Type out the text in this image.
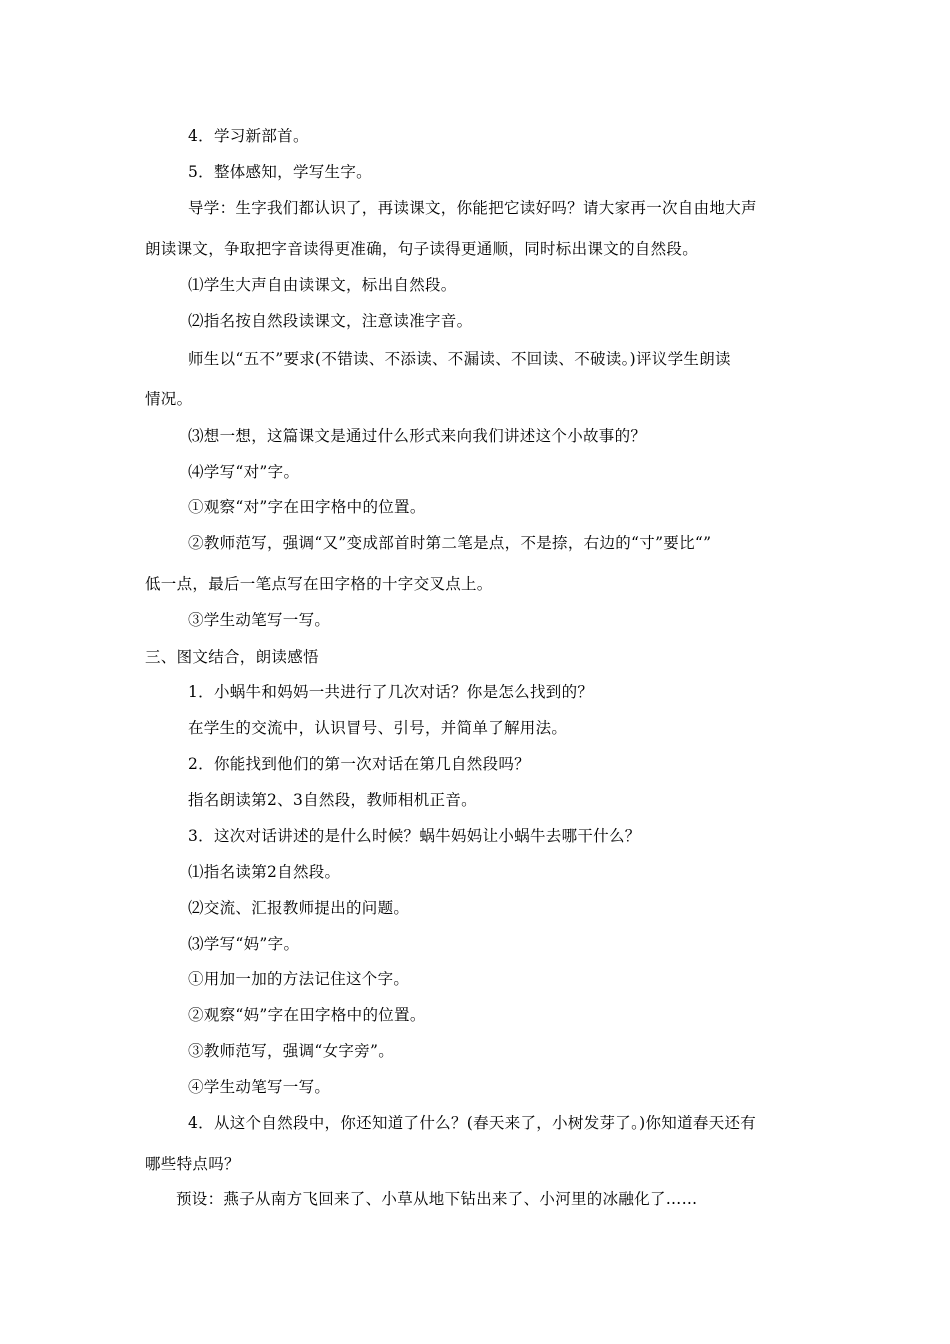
4．学习新部首。
5．整体感知，学写生字。
导学：生字我们都认识了，再读课文，你能把它读好吗？请大家再一次自由地大声
朗读课文，争取把字音读得更准确，句子读得更通顺，同时标出课文的自然段。
⑴学生大声自由读课文，标出自然段。
⑵指名按自然段读课文，注意读准字音。
师生以“五不”要求(不错读、不添读、不漏读、不回读、不破读。)评议学生朗读
情况。
⑶想一想，这篇课文是通过什么形式来向我们讲述这个小故事的？
⑷学写“对”字。
①观察“对”字在田字格中的位置。
②教师范写，强调“又”变成部首时第二笔是点，不是捺，右边的“寸”要比“”
低一点，最后一笔点写在田字格的十字交叉点上。
③学生动笔写一写。
三、图文结合，朗读感悟
1．小蜗牛和妈妈一共进行了几次对话？你是怎么找到的？
在学生的交流中，认识冒号、引号，并简单了解用法。
2．你能找到他们的第一次对话在第几自然段吗？
指名朗读第2、3自然段，教师相机正音。
3．这次对话讲述的是什么时候？蜗牛妈妈让小蜗牛去哪干什么？
⑴指名读第2自然段。
⑵交流、汇报教师提出的问题。
⑶学写“妈”字。
①用加一加的方法记住这个字。
②观察“妈”字在田字格中的位置。
③教师范写，强调“女字旁”。
④学生动笔写一写。
4．从这个自然段中，你还知道了什么？(春天来了，小树发芽了。)你知道春天还有
哪些特点吗？
预设：燕子从南方飞回来了、小草从地下钻出来了、小河里的冰融化了……
